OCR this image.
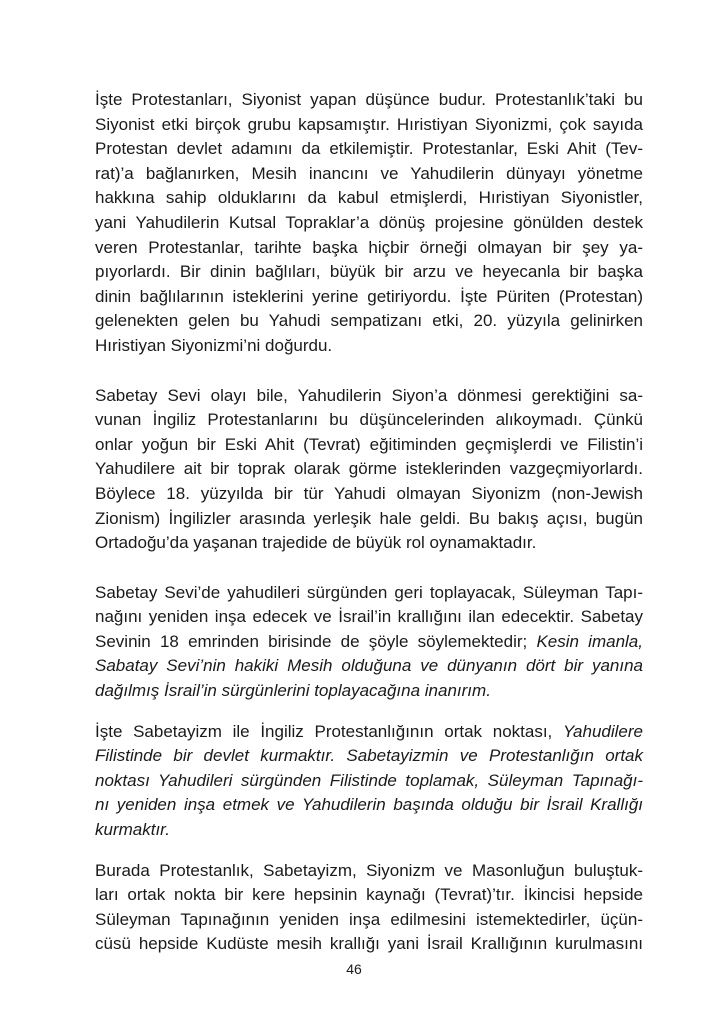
İşte Protestanları, Siyonist yapan düşünce budur. Protestanlık’taki bu
Siyonist etki birçok grubu kapsamıştır. Hıristiyan Siyonizmi, çok sayıda
Protestan devlet adamını da etkilemiştir. Protestanlar, Eski Ahit (Tev-
rat)’a bağlanırken, Mesih inancını ve Yahudilerin dünyayı yönetme
hakkına sahip olduklarını da kabul etmişlerdi, Hıristiyan Siyonistler,
yani Yahudilerin Kutsal Topraklar’a dönüş projesine gönülden destek
veren Protestanlar, tarihte başka hiçbir örneği olmayan bir şey ya-
pıyorlardı. Bir dinin bağlıları, büyük bir arzu ve heyecanla bir başka
dinin bağlılarının isteklerini yerine getiriyordu. İşte Püriten (Protestan)
gelenekten gelen bu Yahudi sempatizanı etki, 20. yüzyıla gelinirken
Hıristiyan Siyonizmi’ni doğurdu.

Sabetay Sevi olayı bile, Yahudilerin Siyon’a dönmesi gerektiğini sa-
vunan İngiliz Protestanlarını bu düşüncelerinden alıkoymadı. Çünkü
onlar yoğun bir Eski Ahit (Tevrat) eğitiminden geçmişlerdi ve Filistin’i
Yahudilere ait bir toprak olarak görme isteklerinden vazgeçmiyorlardı.
Böylece 18. yüzyılda bir tür Yahudi olmayan Siyonizm (non-Jewish
Zionism) İngilizler arasında yerleşik hale geldi. Bu bakış açısı, bugün
Ortadoğu’da yaşanan trajedide de büyük rol oynamaktadır.

Sabetay Sevi’de yahudileri sürgünden geri toplayacak, Süleyman Tapı-
nağını yeniden inşa edecek ve İsrail’in krallığını ilan edecektir. Sabetay
Sevinin 18 emrinden birisinde de şöyle söylemektedir; Kesin imanla,
Sabatay Sevi’nin hakiki Mesih olduğuna ve dünyanın dört bir yanına
dağılmış İsrail’in sürgünlerini toplayacağına inanırım.

İşte Sabetayizm ile İngiliz Protestanlığının ortak noktası, Yahudilere
Filistinde bir devlet kurmaktır. Sabetayizmin ve Protestanlığın ortak
noktası Yahudileri sürgünden Filistinde toplamak, Süleyman Tapınağı-
nı yeniden inşa etmek ve Yahudilerin başında olduğu bir İsrail Krallığı
kurmaktır.

Burada Protestanlık, Sabetayizm, Siyonizm ve Masonluğun buluştuk-
ları ortak nokta bir kere hepsinin kaynağı (Tevrat)’tır. İkincisi hepside
Süleyman Tapınağının yeniden inşa edilmesini istemektedirler, üçün-
cüsü hepside Kudüste mesih krallığı yani İsrail Krallığının kurulmasını

46
